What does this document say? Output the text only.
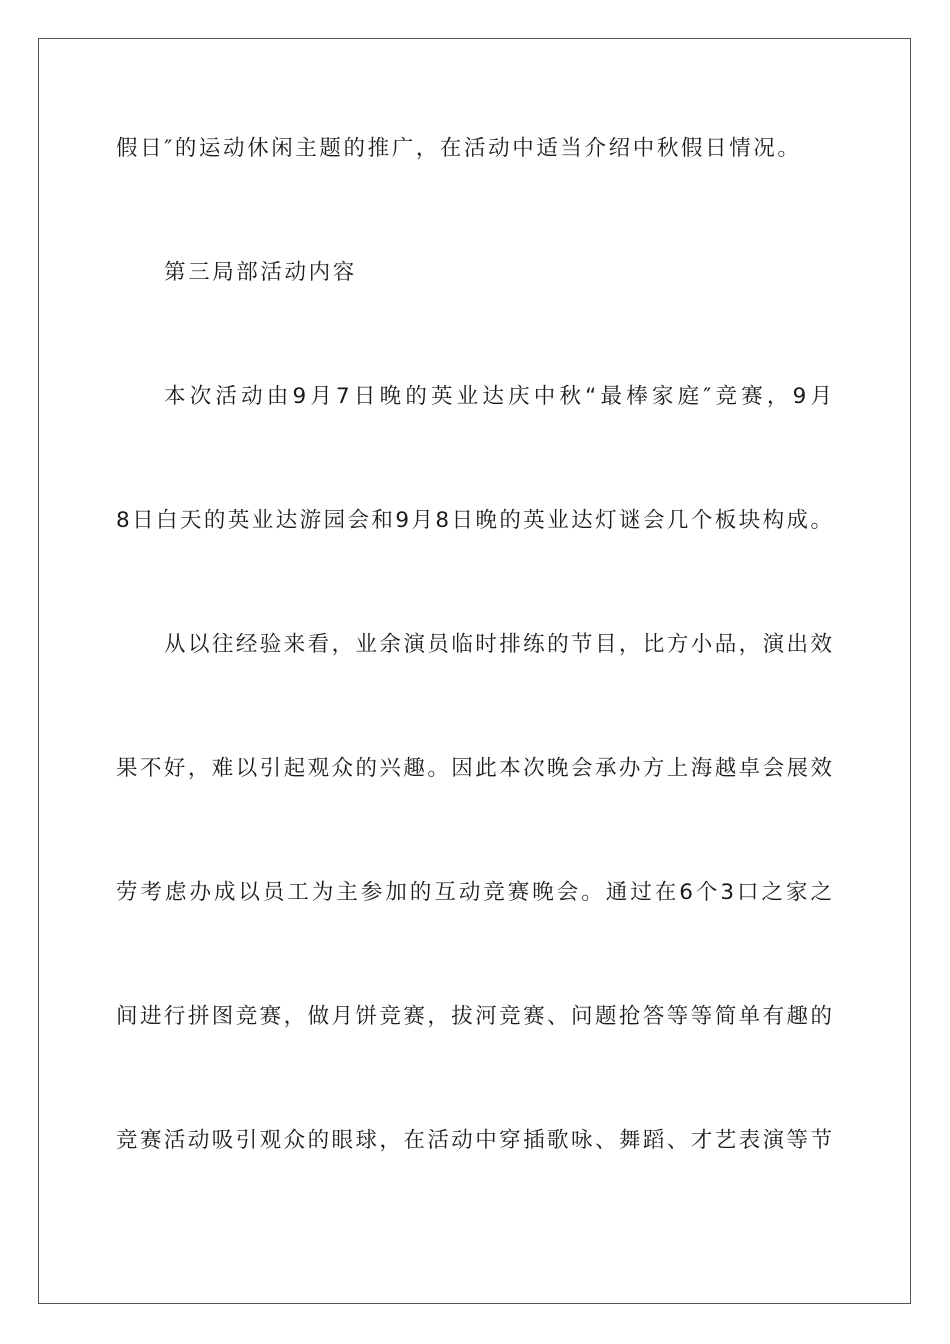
假日″的运动休闲主题的推广，在活动中适当介绍中秋假日情况。
第三局部活动内容
本次活动由9月7日晚的英业达庆中秋“最棒家庭″竞赛，9月
8日白天的英业达游园会和9月8日晚的英业达灯谜会几个板块构成。
从以往经验来看，业余演员临时排练的节目，比方小品，演出效
果不好，难以引起观众的兴趣。因此本次晚会承办方上海越卓会展效
劳考虑办成以员工为主参加的互动竞赛晚会。通过在6个3口之家之
间进行拼图竞赛，做月饼竞赛，拔河竞赛、问题抢答等等简单有趣的
竞赛活动吸引观众的眼球，在活动中穿插歌咏、舞蹈、才艺表演等节
